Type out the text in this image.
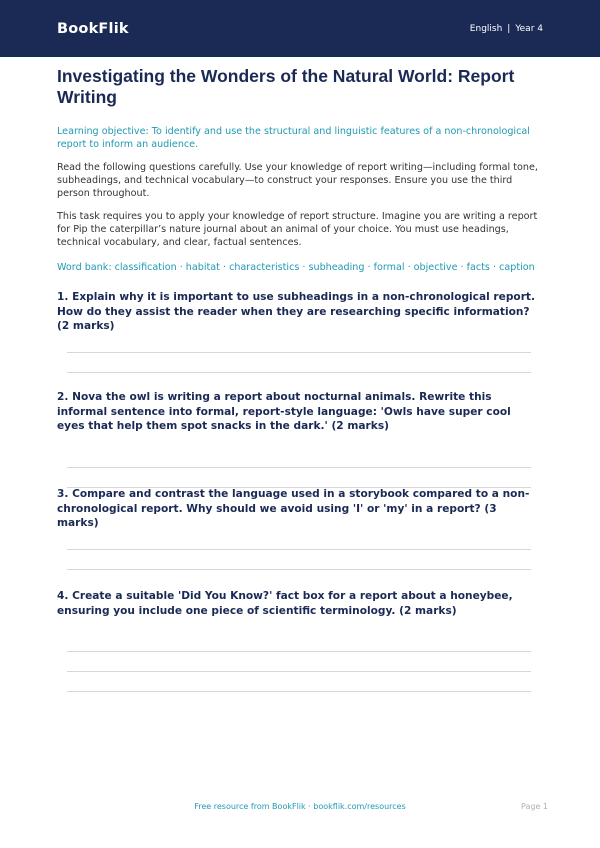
BookFlik	English | Year 4
Investigating the Wonders of the Natural World: Report Writing

Learning objective: To identify and use the structural and linguistic features of a non-chronological report to inform an audience.

Read the following questions carefully. Use your knowledge of report writing—including formal tone, subheadings, and technical vocabulary—to construct your responses. Ensure you use the third person throughout.

This task requires you to apply your knowledge of report structure. Imagine you are writing a report for Pip the caterpillar’s nature journal about an animal of your choice. You must use headings, technical vocabulary, and clear, factual sentences.

Word bank: classification · habitat · characteristics · subheading · formal · objective · facts · caption

1. Explain why it is important to use subheadings in a non-chronological report. How do they assist the reader when they are researching specific information? (2 marks)

2. Nova the owl is writing a report about nocturnal animals. Rewrite this informal sentence into formal, report-style language: 'Owls have super cool eyes that help them spot snacks in the dark.' (2 marks)

3. Compare and contrast the language used in a storybook compared to a non-chronological report. Why should we avoid using 'I' or 'my' in a report? (3 marks)

4. Create a suitable 'Did You Know?' fact box for a report about a honeybee, ensuring you include one piece of scientific terminology. (2 marks)

Free resource from BookFlik · bookflik.com/resources	Page 1
